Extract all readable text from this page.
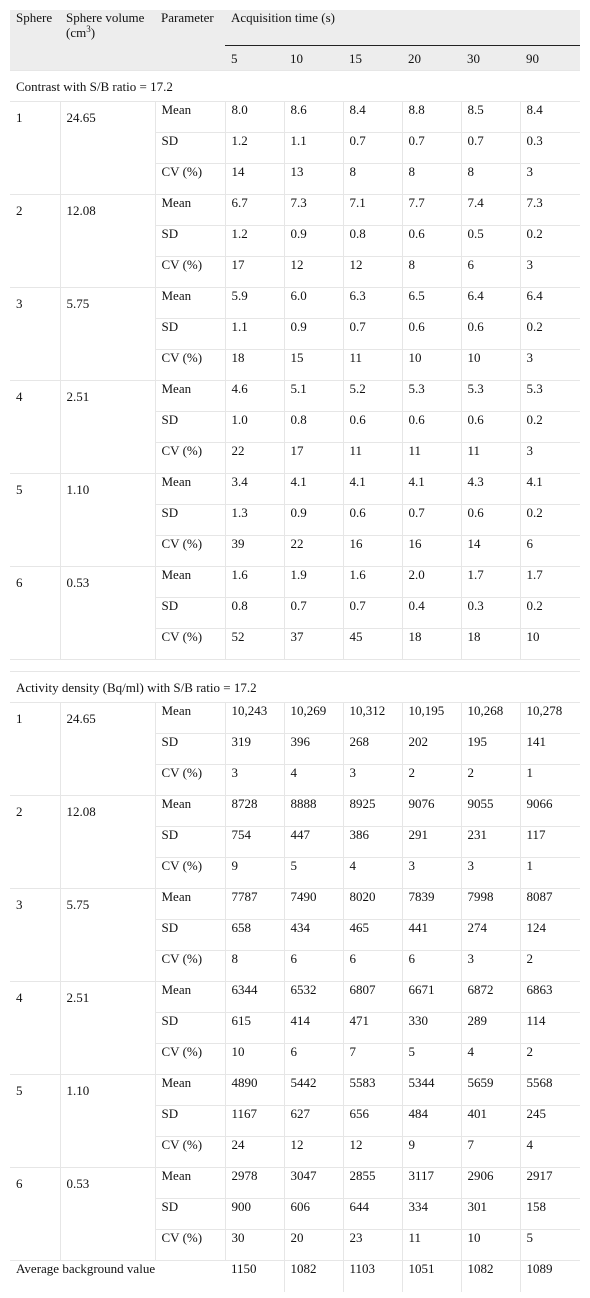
Sphere	Sphere volume $(cm^3)$	Parameter	Acquisition time (s)					
			5	10	15	20	30	90
Contrast with S/B ratio = 17.2								
1	24.65	Mean	8.0	8.6	8.4	8.8	8.5	8.4
		SD	1.2	1.1	0.7	0.7	0.7	0.3
		CV (%)	14	13	8	8	8	3
2	12.08	Mean	6.7	7.3	7.1	7.7	7.4	7.3
		SD	1.2	0.9	0.8	0.6	0.5	0.2
		CV (%)	17	12	12	8	6	3
3	5.75	Mean	5.9	6.0	6.3	6.5	6.4	6.4
		SD	1.1	0.9	0.7	0.6	0.6	0.2
		CV (%)	18	15	11	10	10	3
4	2.51	Mean	4.6	5.1	5.2	5.3	5.3	5.3
		SD	1.0	0.8	0.6	0.6	0.6	0.2
		CV (%)	22	17	11	11	11	3
5	1.10	Mean	3.4	4.1	4.1	4.1	4.3	4.1
		SD	1.3	0.9	0.6	0.7	0.6	0.2
		CV (%)	39	22	16	16	14	6
6	0.53	Mean	1.6	1.9	1.6	2.0	1.7	1.7
		SD	0.8	0.7	0.7	0.4	0.3	0.2
		CV (%)	52	37	45	18	18	10

Activity density (Bq/ml) with S/B ratio = 17.2								
1	24.65	Mean	10,243	10,269	10,312	10,195	10,268	10,278
		SD	319	396	268	202	195	141
		CV (%)	3	4	3	2	2	1
2	12.08	Mean	8728	8888	8925	9076	9055	9066
		SD	754	447	386	291	231	117
		CV (%)	9	5	4	3	3	1
3	5.75	Mean	7787	7490	8020	7839	7998	8087
		SD	658	434	465	441	274	124
		CV (%)	8	6	6	6	3	2
4	2.51	Mean	6344	6532	6807	6671	6872	6863
		SD	615	414	471	330	289	114
		CV (%)	10	6	7	5	4	2
5	1.10	Mean	4890	5442	5583	5344	5659	5568
		SD	1167	627	656	484	401	245
		CV (%)	24	12	12	9	7	4
6	0.53	Mean	2978	3047	2855	3117	2906	2917
		SD	900	606	644	334	301	158
		CV (%)	30	20	23	11	10	5
Average background value			1150	1082	1103	1051	1082	1089
